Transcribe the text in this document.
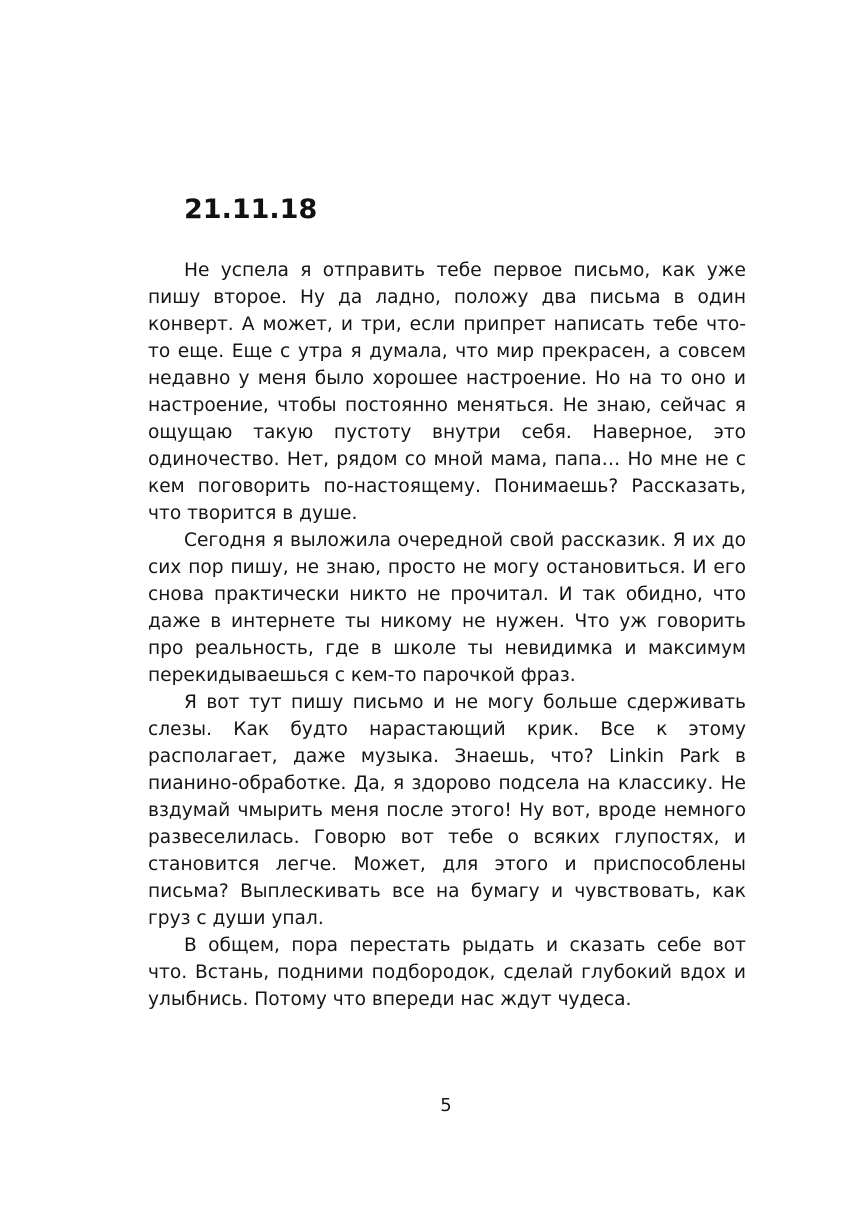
21.11.18

Не успела я отправить тебе первое письмо, как уже пишу второе. Ну да ладно, положу два письма в один конверт. А может, и три, если припрет написать тебе что-то еще. Еще с утра я думала, что мир прекрасен, а совсем недавно у меня было хорошее настроение. Но на то оно и настроение, чтобы постоянно меняться. Не знаю, сейчас я ощущаю такую пустоту внутри себя. Наверное, это одиночество. Нет, рядом со мной мама, папа… Но мне не с кем поговорить по-настоящему. Понимаешь? Рассказать, что творится в душе.

Сегодня я выложила очередной свой рассказик. Я их до сих пор пишу, не знаю, просто не могу остановиться. И его снова практически никто не прочитал. И так обидно, что даже в интернете ты никому не нужен. Что уж говорить про реальность, где в школе ты невидимка и максимум перекидываешься с кем-то парочкой фраз.

Я вот тут пишу письмо и не могу больше сдерживать слезы. Как будто нарастающий крик. Все к этому располагает, даже музыка. Знаешь, что? Linkin Park в пианино-обработке. Да, я здорово подсела на классику. Не вздумай чмырить меня после этого! Ну вот, вроде немного развеселилась. Говорю вот тебе о всяких глупостях, и становится легче. Может, для этого и приспособлены письма? Выплескивать все на бумагу и чувствовать, как груз с души упал.

В общем, пора перестать рыдать и сказать себе вот что. Встань, подними подбородок, сделай глубокий вдох и улыбнись. Потому что впереди нас ждут чудеса.

5
